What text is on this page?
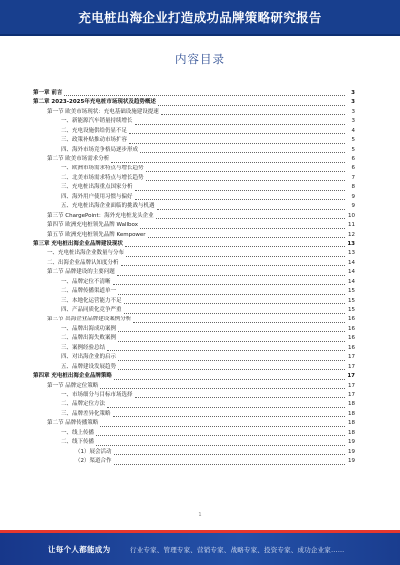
充电桩出海企业打造成功品牌策略研究报告
内容目录
第一章 前言	3
第二章 2023-2025年充电桩市场现状及趋势概述	3
第一节 欧美市场现状：充电基础设施建设提速	3
一、新能源汽车销量持续增长	3
二、充电设施供给仍显不足	4
三、政策补贴推动市场扩容	5
四、海外市场竞争格局逐步形成	5
第二节 欧美市场需求分析	6
一、欧洲市场需求特点与增长趋势	6
二、北美市场需求特点与增长趋势	7
三、充电桩出海重点国家分析	8
四、海外用户使用习惯与偏好	9
五、充电桩出海企业面临的挑战与机遇	9
第三节 ChargePoint：海外充电桩龙头企业	10
第四节 欧洲充电桩领先品牌 Wallbox	11
第五节 欧洲充电桩领先品牌 Kempower	12
第三章 充电桩出海企业品牌建设现状	13
一、充电桩出海企业数量与分布	13
二、出海企业品牌认知度分析	14
第二节 品牌建设的主要问题	14
一、品牌定位不清晰	14
二、品牌传播渠道单一	15
三、本地化运营能力不足	15
四、产品同质化竞争严重	15
第三节 出海企业品牌建设案例分析	16
一、品牌出海成功案例	16
二、品牌出海失败案例	16
三、案例经验总结	16
四、对出海企业的启示	17
五、品牌建设发展趋势	17
第四章 充电桩出海企业品牌策略	17
第一节 品牌定位策略	17
一、市场细分与目标市场选择	17
二、品牌定位方法	18
三、品牌差异化策略	18
第二节 品牌传播策略	18
一、线上传播	18
二、线下传播	19
（1）展会活动	19
（2）渠道合作	19
1
让每个人都能成为	行业专家、管理专家、营销专家、战略专家、投资专家、成功企业家……
